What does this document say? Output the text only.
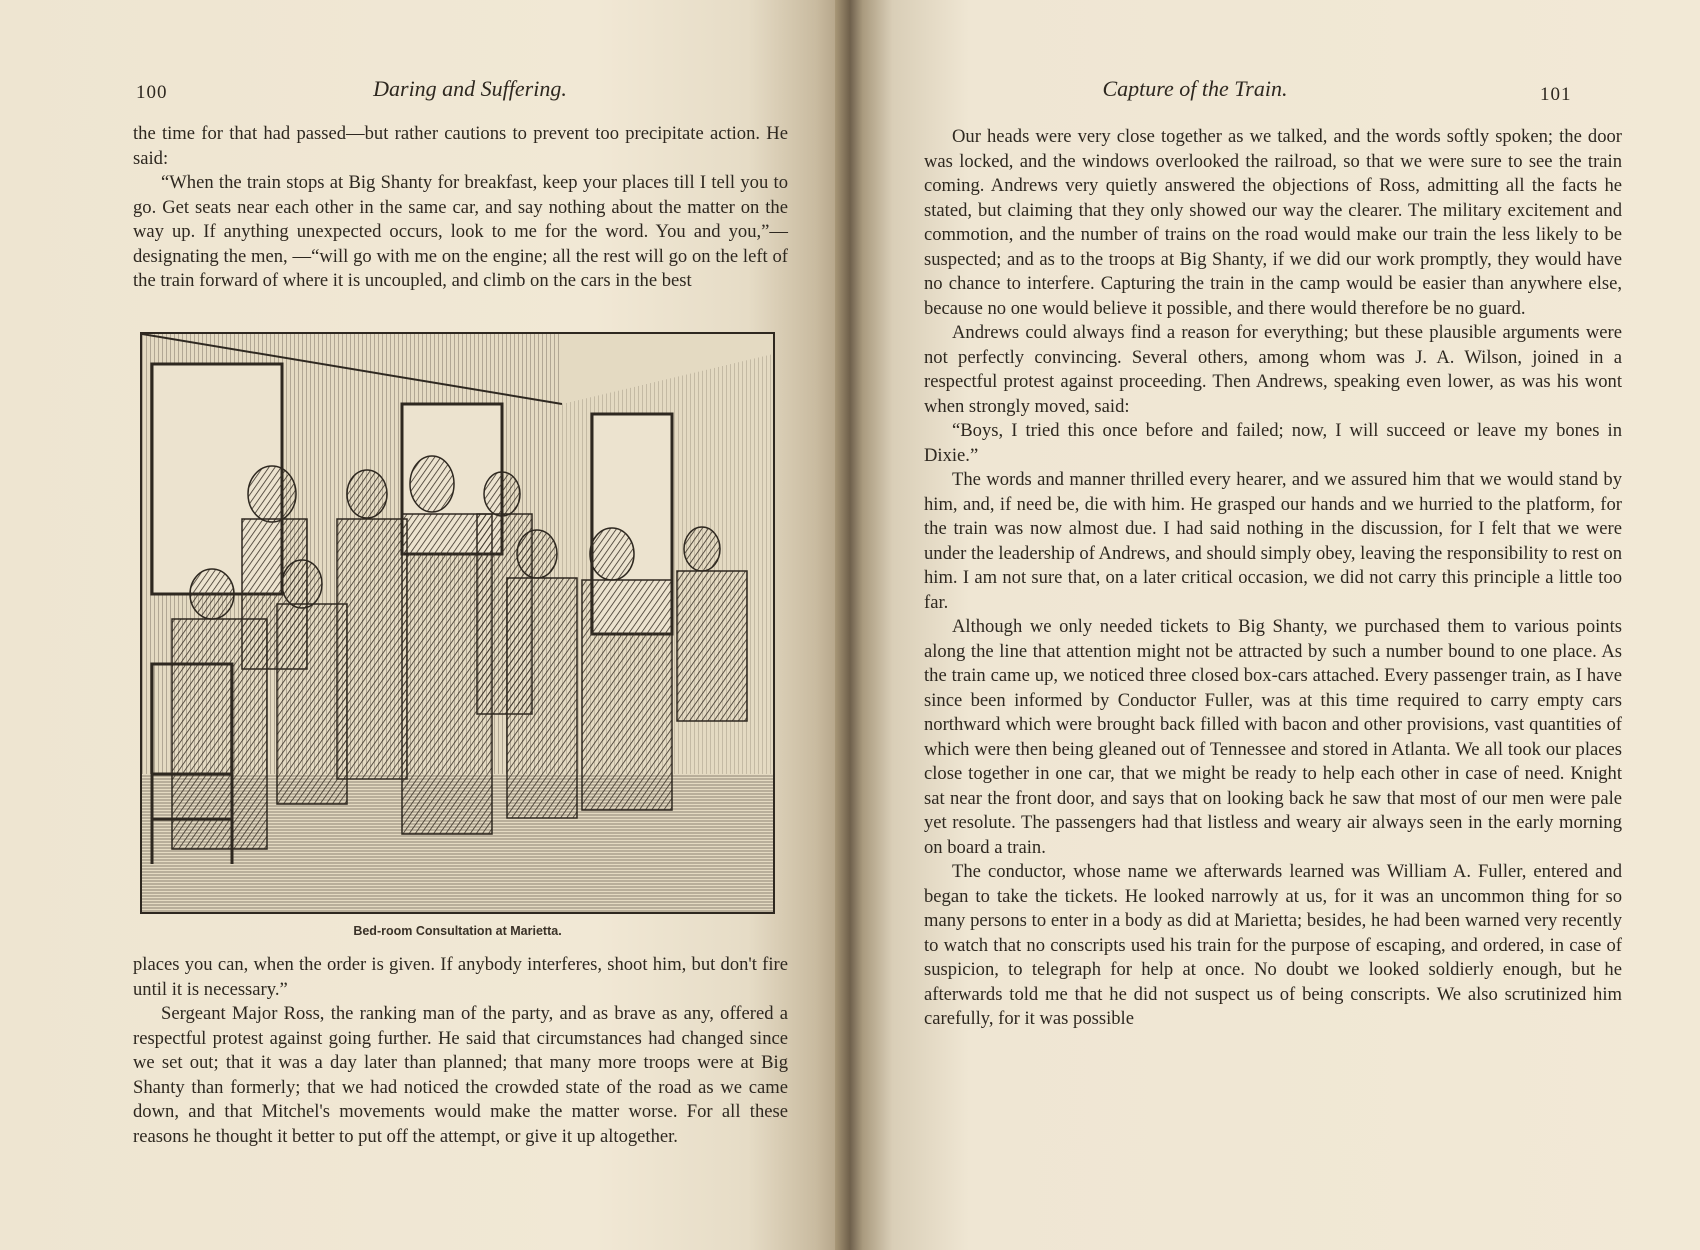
100	Daring and Suffering.

the time for that had passed—but rather cautions to prevent too precipitate action. He said:

“When the train stops at Big Shanty for breakfast, keep your places till I tell you to go. Get seats near each other in the same car, and say nothing about the matter on the way up. If anything unexpected occurs, look to me for the word. You and you,”—designating the men, —“will go with me on the engine; all the rest will go on the left of the train forward of where it is uncoupled, and climb on the cars in the best

Bed-room Consultation at Marietta.

places you can, when the order is given. If anybody interferes, shoot him, but don't fire until it is necessary.”

Sergeant Major Ross, the ranking man of the party, and as brave as any, offered a respectful protest against going further. He said that circumstances had changed since we set out; that it was a day later than planned; that many more troops were at Big Shanty than formerly; that we had noticed the crowded state of the road as we came down, and that Mitchel's movements would make the matter worse. For all these reasons he thought it better to put off the attempt, or give it up altogether.

Capture of the Train.	101

Our heads were very close together as we talked, and the words softly spoken; the door was locked, and the windows overlooked the railroad, so that we were sure to see the train coming. Andrews very quietly answered the objections of Ross, admitting all the facts he stated, but claiming that they only showed our way the clearer. The military excitement and commotion, and the number of trains on the road would make our train the less likely to be suspected; and as to the troops at Big Shanty, if we did our work promptly, they would have no chance to interfere. Capturing the train in the camp would be easier than anywhere else, because no one would believe it possible, and there would therefore be no guard.

Andrews could always find a reason for everything; but these plausible arguments were not perfectly convincing. Several others, among whom was J. A. Wilson, joined in a respectful protest against proceeding. Then Andrews, speaking even lower, as was his wont when strongly moved, said:

“Boys, I tried this once before and failed; now, I will succeed or leave my bones in Dixie.”

The words and manner thrilled every hearer, and we assured him that we would stand by him, and, if need be, die with him. He grasped our hands and we hurried to the platform, for the train was now almost due. I had said nothing in the discussion, for I felt that we were under the leadership of Andrews, and should simply obey, leaving the responsibility to rest on him. I am not sure that, on a later critical occasion, we did not carry this principle a little too far.

Although we only needed tickets to Big Shanty, we purchased them to various points along the line that attention might not be attracted by such a number bound to one place. As the train came up, we noticed three closed box-cars attached. Every passenger train, as I have since been informed by Conductor Fuller, was at this time required to carry empty cars northward which were brought back filled with bacon and other provisions, vast quantities of which were then being gleaned out of Tennessee and stored in Atlanta. We all took our places close together in one car, that we might be ready to help each other in case of need. Knight sat near the front door, and says that on looking back he saw that most of our men were pale yet resolute. The passengers had that listless and weary air always seen in the early morning on board a train.

The conductor, whose name we afterwards learned was William A. Fuller, entered and began to take the tickets. He looked narrowly at us, for it was an uncommon thing for so many persons to enter in a body as did at Marietta; besides, he had been warned very recently to watch that no conscripts used his train for the purpose of escaping, and ordered, in case of suspicion, to telegraph for help at once. No doubt we looked soldierly enough, but he afterwards told me that he did not suspect us of being conscripts. We also scrutinized him carefully, for it was possible
